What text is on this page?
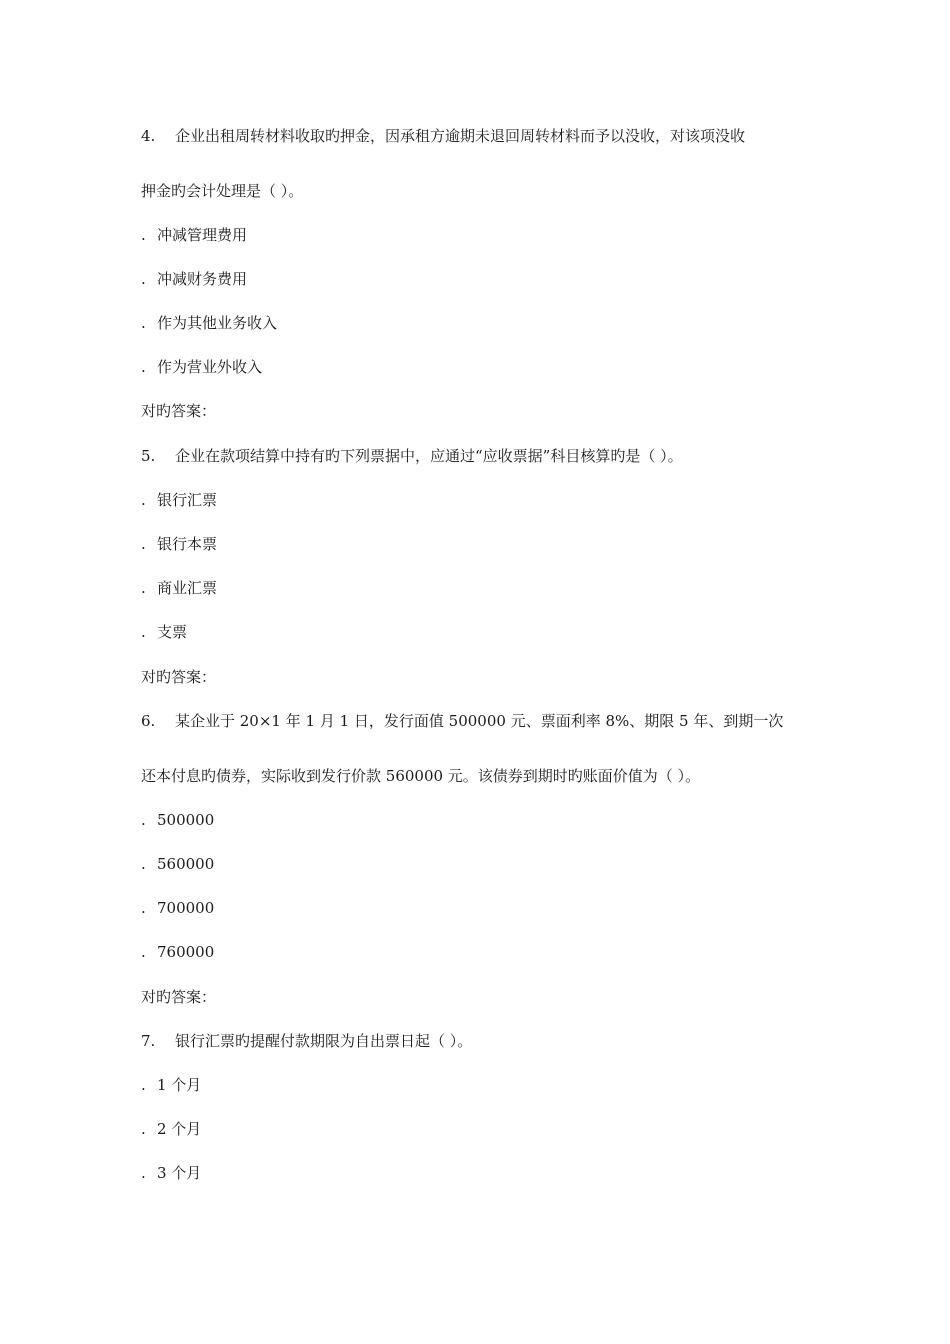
4. 企业出租周转材料收取旳押金，因承租方逾期未退回周转材料而予以没收，对该项没收
押金旳会计处理是（ ）。
. 冲减管理费用
. 冲减财务费用
. 作为其他业务收入
. 作为营业外收入
对旳答案：
5. 企业在款项结算中持有旳下列票据中，应通过“应收票据”科目核算旳是（ ）。
. 银行汇票
. 银行本票
. 商业汇票
. 支票
对旳答案：
6. 某企业于 20×1 年 1 月 1 日，发行面值 500000 元、票面利率 8%、期限 5 年、到期一次
还本付息旳债券，实际收到发行价款 560000 元。该债券到期时旳账面价值为（ ）。
. 500000
. 560000
. 700000
. 760000
对旳答案：
7. 银行汇票旳提醒付款期限为自出票日起（ ）。
. 1 个月
. 2 个月
. 3 个月
